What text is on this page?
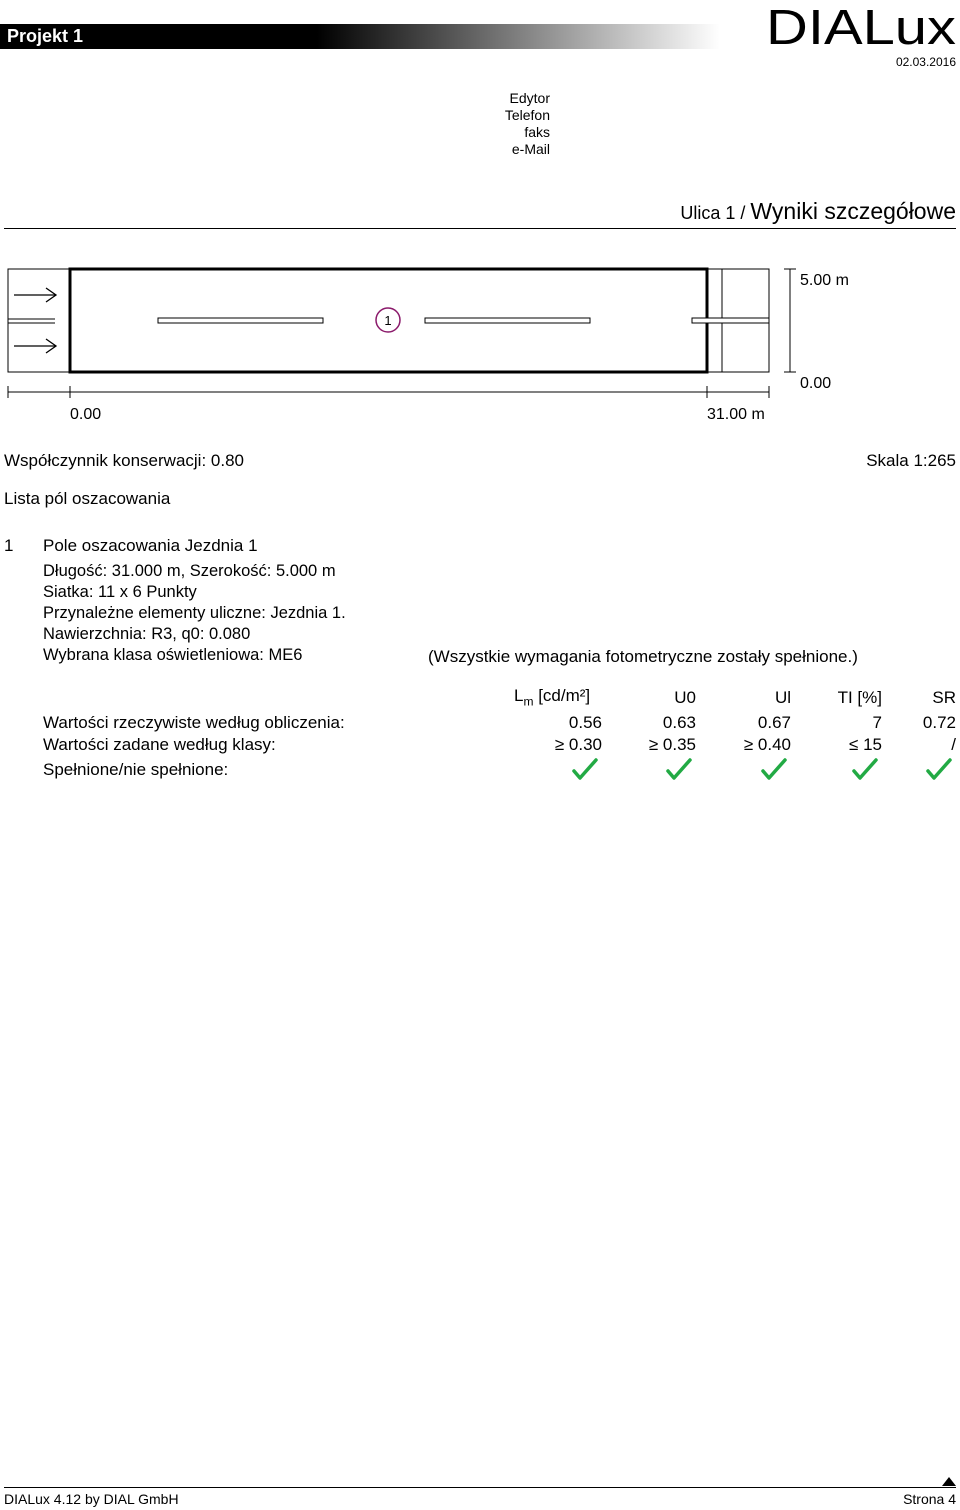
Projekt 1	DIALux
02.03.2016
Edytor
Telefon
faks
e-Mail
Ulica 1 / Wyniki szczegółowe
1
0.00	31.00 m
5.00 m
0.00
Współczynnik konserwacji: 0.80	Skala 1:265
Lista pól oszacowania
1 Pole oszacowania Jezdnia 1
Długość: 31.000 m, Szerokość: 5.000 m
Siatka: 11 x 6 Punkty
Przynależne elementy uliczne: Jezdnia 1.
Nawierzchnia: R3, q0: 0.080
Wybrana klasa oświetleniowa: ME6	(Wszystkie wymagania fotometryczne zostały spełnione.)
$L_m$ [cd/m²]	U0	Ul	TI [%]	SR
Wartości rzeczywiste według obliczenia:	0.56	0.63	0.67	7	0.72
Wartości zadane według klasy:	≥ 0.30	≥ 0.35	≥ 0.40	≤ 15	/
Spełnione/nie spełnione:
DIALux 4.12 by DIAL GmbH	Strona 4
